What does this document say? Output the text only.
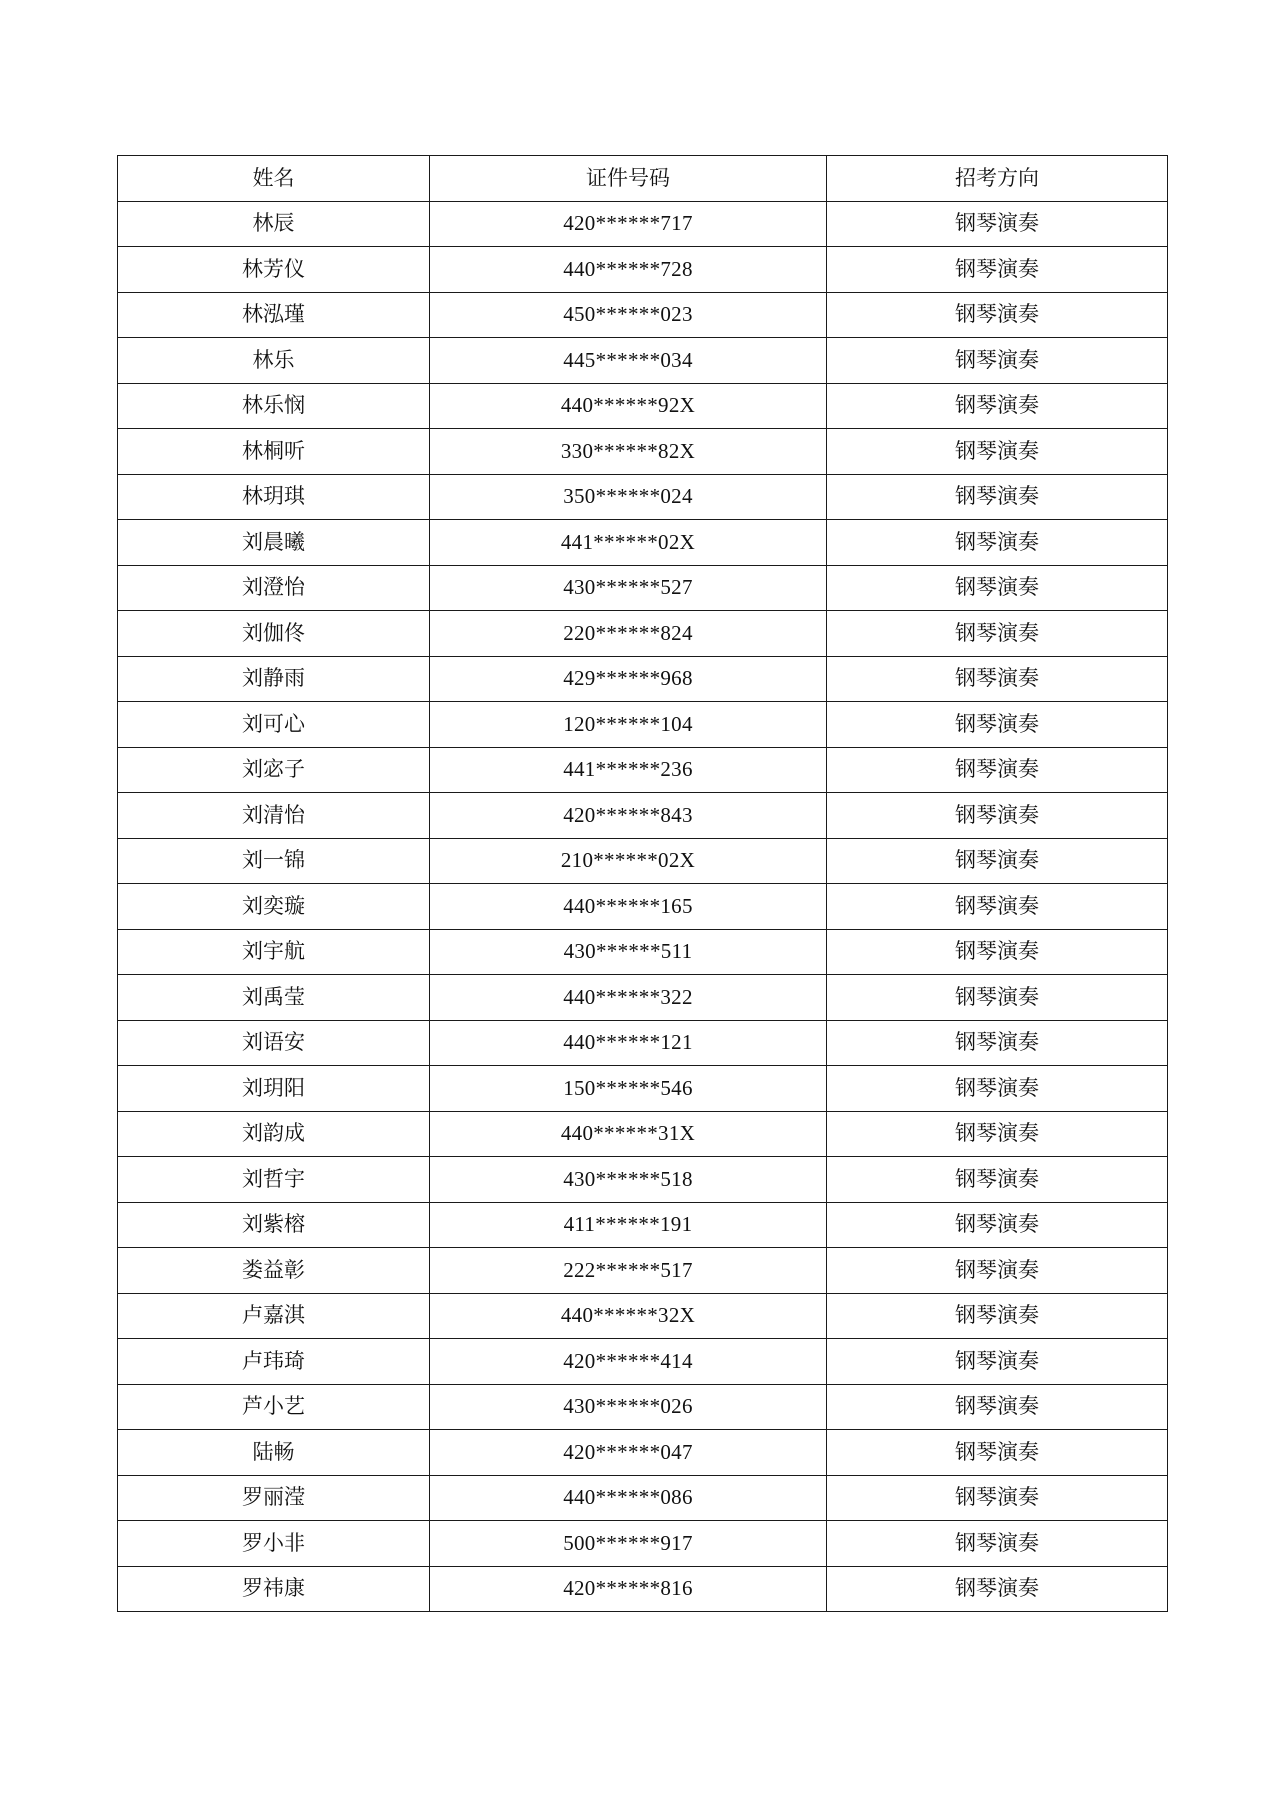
姓名	证件号码	招考方向
林辰	420******717	钢琴演奏
林芳仪	440******728	钢琴演奏
林泓瑾	450******023	钢琴演奏
林乐	445******034	钢琴演奏
林乐悯	440******92X	钢琴演奏
林桐听	330******82X	钢琴演奏
林玥琪	350******024	钢琴演奏
刘晨曦	441******02X	钢琴演奏
刘澄怡	430******527	钢琴演奏
刘伽佟	220******824	钢琴演奏
刘静雨	429******968	钢琴演奏
刘可心	120******104	钢琴演奏
刘宓子	441******236	钢琴演奏
刘清怡	420******843	钢琴演奏
刘一锦	210******02X	钢琴演奏
刘奕璇	440******165	钢琴演奏
刘宇航	430******511	钢琴演奏
刘禹莹	440******322	钢琴演奏
刘语安	440******121	钢琴演奏
刘玥阳	150******546	钢琴演奏
刘韵成	440******31X	钢琴演奏
刘哲宇	430******518	钢琴演奏
刘紫榕	411******191	钢琴演奏
娄益彰	222******517	钢琴演奏
卢嘉淇	440******32X	钢琴演奏
卢玮琦	420******414	钢琴演奏
芦小艺	430******026	钢琴演奏
陆畅	420******047	钢琴演奏
罗丽滢	440******086	钢琴演奏
罗小非	500******917	钢琴演奏
罗祎康	420******816	钢琴演奏
